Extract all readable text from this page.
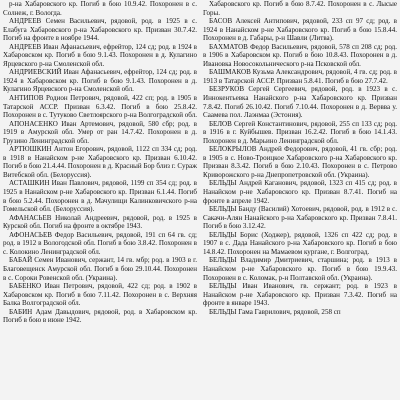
р-на Хабаровского кр. Погиб в бою 10.9.42. Похоронен в с. Солнеж, г. Вологда.

АНДРЕЕВ Семен Васильевич, рядовой, род. в 1925 в с. Елабуга Хабаровского р-на Хабаровского кр. Призван 30.7.42. Погиб на фронте в ноябре 1944.

АНДРЕЕВ Иван Афанасьевич, ефрейтор, 124 сд; род. в 1924 в Хабаровском кр. Погиб в бою 9.1.43. Похоронен в д. Кулагино Ярцевского р-на Смоленской обл.

АНДРИЕВСКИЙ Иван Афанасьевич, ефрейтор, 124 сд; род. в 1924 в Хабаровском кр. Погиб в бою 9.1.43. Похоронен в д. Кулагино Ярцевского р-на Смоленской обл.

АНТИПОВ Родион Петрович, рядовой, 422 сп; род. в 1905 в Татарской АССР. Призван 6.3.42. Погиб в бою 25.8.42. Похоронен в с. Тутуково Светлоярского р-на Волгоградской обл.

АПОНАСЕНКО Иван Артемович, рядовой, 580 сбр; род. в 1919 в Амурской обл. Умер от ран 14.7.42. Похоронен в д. Грузино Ленинградской обл.

АРТЮШКИН Антон Егорович, рядовой, 1122 сп 334 сд; род. в 1918 в Нанайском р-не Хабаровского кр. Призван 6.10.42. Погиб в бою 21.4.44. Похоронен в д. Красный Бор близ г. Сураж Витебской обл. (Белоруссия).

АСТАШКИН Иван Павлович, рядовой, 1199 сп 354 сд; род. в 1925 в Нанайском р-не Хабаровского кр. Призван 6.1.44. Погиб в бою 5.2.44. Похоронен в д. Мачулищи Калинковичского р-на Гомельской обл. (Белоруссия).

АФАНАСЬЕВ Николай Андреевич, рядовой, род. в 1925 в Курской обл. Погиб на фронте в октябре 1943.

АФОНАСЬЕВ Федор Васильевич, рядовой, 191 сп 64 гв. сд; род. в 1912 в Вологодской обл. Погиб в бою 3.8.42. Похоронен в с. Колокино Ленинградской обл.

БАБАЙ Семен Иванович, сержант, 14 гв. мбр; род. в 1903 в г. Благовещенск Амурской обл. Погиб в бою 29.10.44. Похоронен в с. Сороки Ровенской обл. (Украина).

БАБЕНКО Иван Петрович, рядовой, 422 сд; род. в 1902 в Хабаровском кр. Погиб в бою 7.11.42. Похоронен в с. Верхняя Балка Волгоградской обл.

БАБИН Адам Давыдович, рядовой, род. в Хабаровском кр. Погиб в бою в июне 1942.

Хабаровского кр. Погиб в бою 8.7.42. Похоронен в с. Лысые Горы.

БАСОВ Алексей Антипович, рядовой, 233 сп 97 сд; род. в 1924 в Нанайском р-не Хабаровского кр. Погиб в бою 15.8.44. Похоронен в д. Габары, р-н Шавли (Литва).

БАХМАТОВ Федор Васильевич, рядовой, 578 сп 208 сд; род. в 1906 в Хабаровском кр. Погиб в бою 10.8.43. Похоронен в д. Ивановка Новосокольнического р-на Псковской обл.

БАШМАКОВ Кузьма Александрович, рядовой, 4 гв. сд; род. в 1913 в Татарской АССР. Призван 5.8.41. Погиб в бою 27.7.42.

БЕЗРУКОВ Сергей Сергеевич, рядовой, род. в 1923 в с. Иннокентьевка Нанайского р-на Хабаровского кр. Призван 7.8.42. Погиб 26.10.42. Погиб 7.10.44. Похоронен в д. Вервва у. Саамева пол. Лаэнмаа (Эстония).

БЕЛОВ Сергей Константинович, рядовой, 255 сп 133 сд; род. в 1916 в г. Куйбышев. Призван 16.2.42. Погиб в бою 14.1.43. Похоронен в д. Марьино Ленинградской обл.

БЕЛОКРЫЛОВ Андрей Федорович, рядовой, 41 гв. сбр; род. в 1905 в с. Ново-Троицкое Хабаровского р-на Хабаровского кр. Призван 8.3.42. Погиб в бою 2.10.43. Похоронен в с. Петрово Криворожского р-на Днепропетровской обл. (Украина).

БЕЛЬДЫ Андрей Каганович, рядовой, 1323 сп 415 сд; род. в Нанайском р-не Хабаровского кр. Призван 8.7.41. Погиб на фронте в апреле 1942.

БЕЛЬДЫ Банду (Василий) Хотоевич, рядовой, род. в 1912 в с. Сакачи-Алян Нанайского р-на Хабаровского кр. Призван 7.8.41. Погиб в бою 3.12.42.

БЕЛЬДЫ Борис (Ходжер), рядовой, 1326 сп 422 сд; род. в 1907 в с. Дада Нанайского р-на Хабаровского кр. Погиб в бою 14.8.42. Похоронен на Мамаевом кургане, г. Волгоград.

БЕЛЬДЫ Владимир Дмитриевич, старшина; род. в 1913 в Нанайском р-не Хабаровского кр. Погиб в бою 19.9.43. Похоронен в с. Коломак, р-н Полтавской обл. (Украина).

БЕЛЬДЫ Иван Иванович, гв. сержант; род. в 1923 в Нанайском р-не Хабаровского кр. Призван 7.3.42. Погиб на фронте в январе 1943.

БЕЛЬДЫ Гама Гаврилович, рядовой, 258 сп
